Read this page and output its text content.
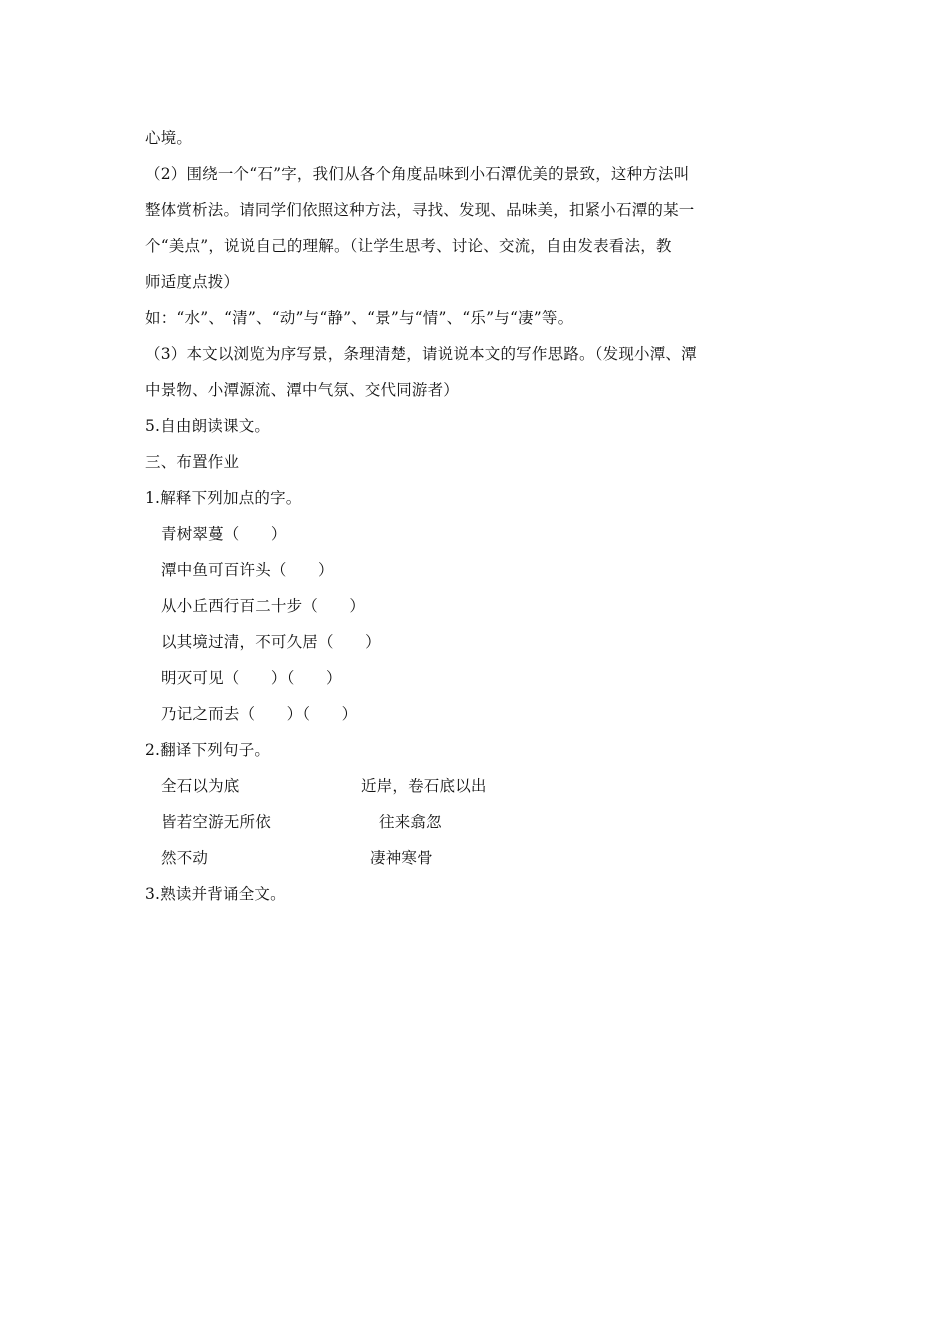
心境。
（2）围绕一个“石”字，我们从各个角度品味到小石潭优美的景致，这种方法叫
整体赏析法。请同学们依照这种方法，寻找、发现、品味美，扣紧小石潭的某一
个“美点”，说说自己的理解。（让学生思考、讨论、交流，自由发表看法，教
师适度点拨）
如：“水”、“清”、“动”与“静”、“景”与“情”、“乐”与“凄”等。
（3）本文以浏览为序写景，条理清楚，请说说本文的写作思路。（发现小潭、潭
中景物、小潭源流、潭中气氛、交代同游者）
5.自由朗读课文。
三、布置作业
1.解释下列加点的字。
青树翠蔓（　　）
潭中鱼可百许头（　　）
从小丘西行百二十步（　　）
以其境过清，不可久居（　　）
明灭可见（　　）（　　）
乃记之而去（　　）（　　）
2.翻译下列句子。
全石以为底	近岸，卷石底以出
皆若空游无所依	往来翕忽
然不动	凄神寒骨
3.熟读并背诵全文。
